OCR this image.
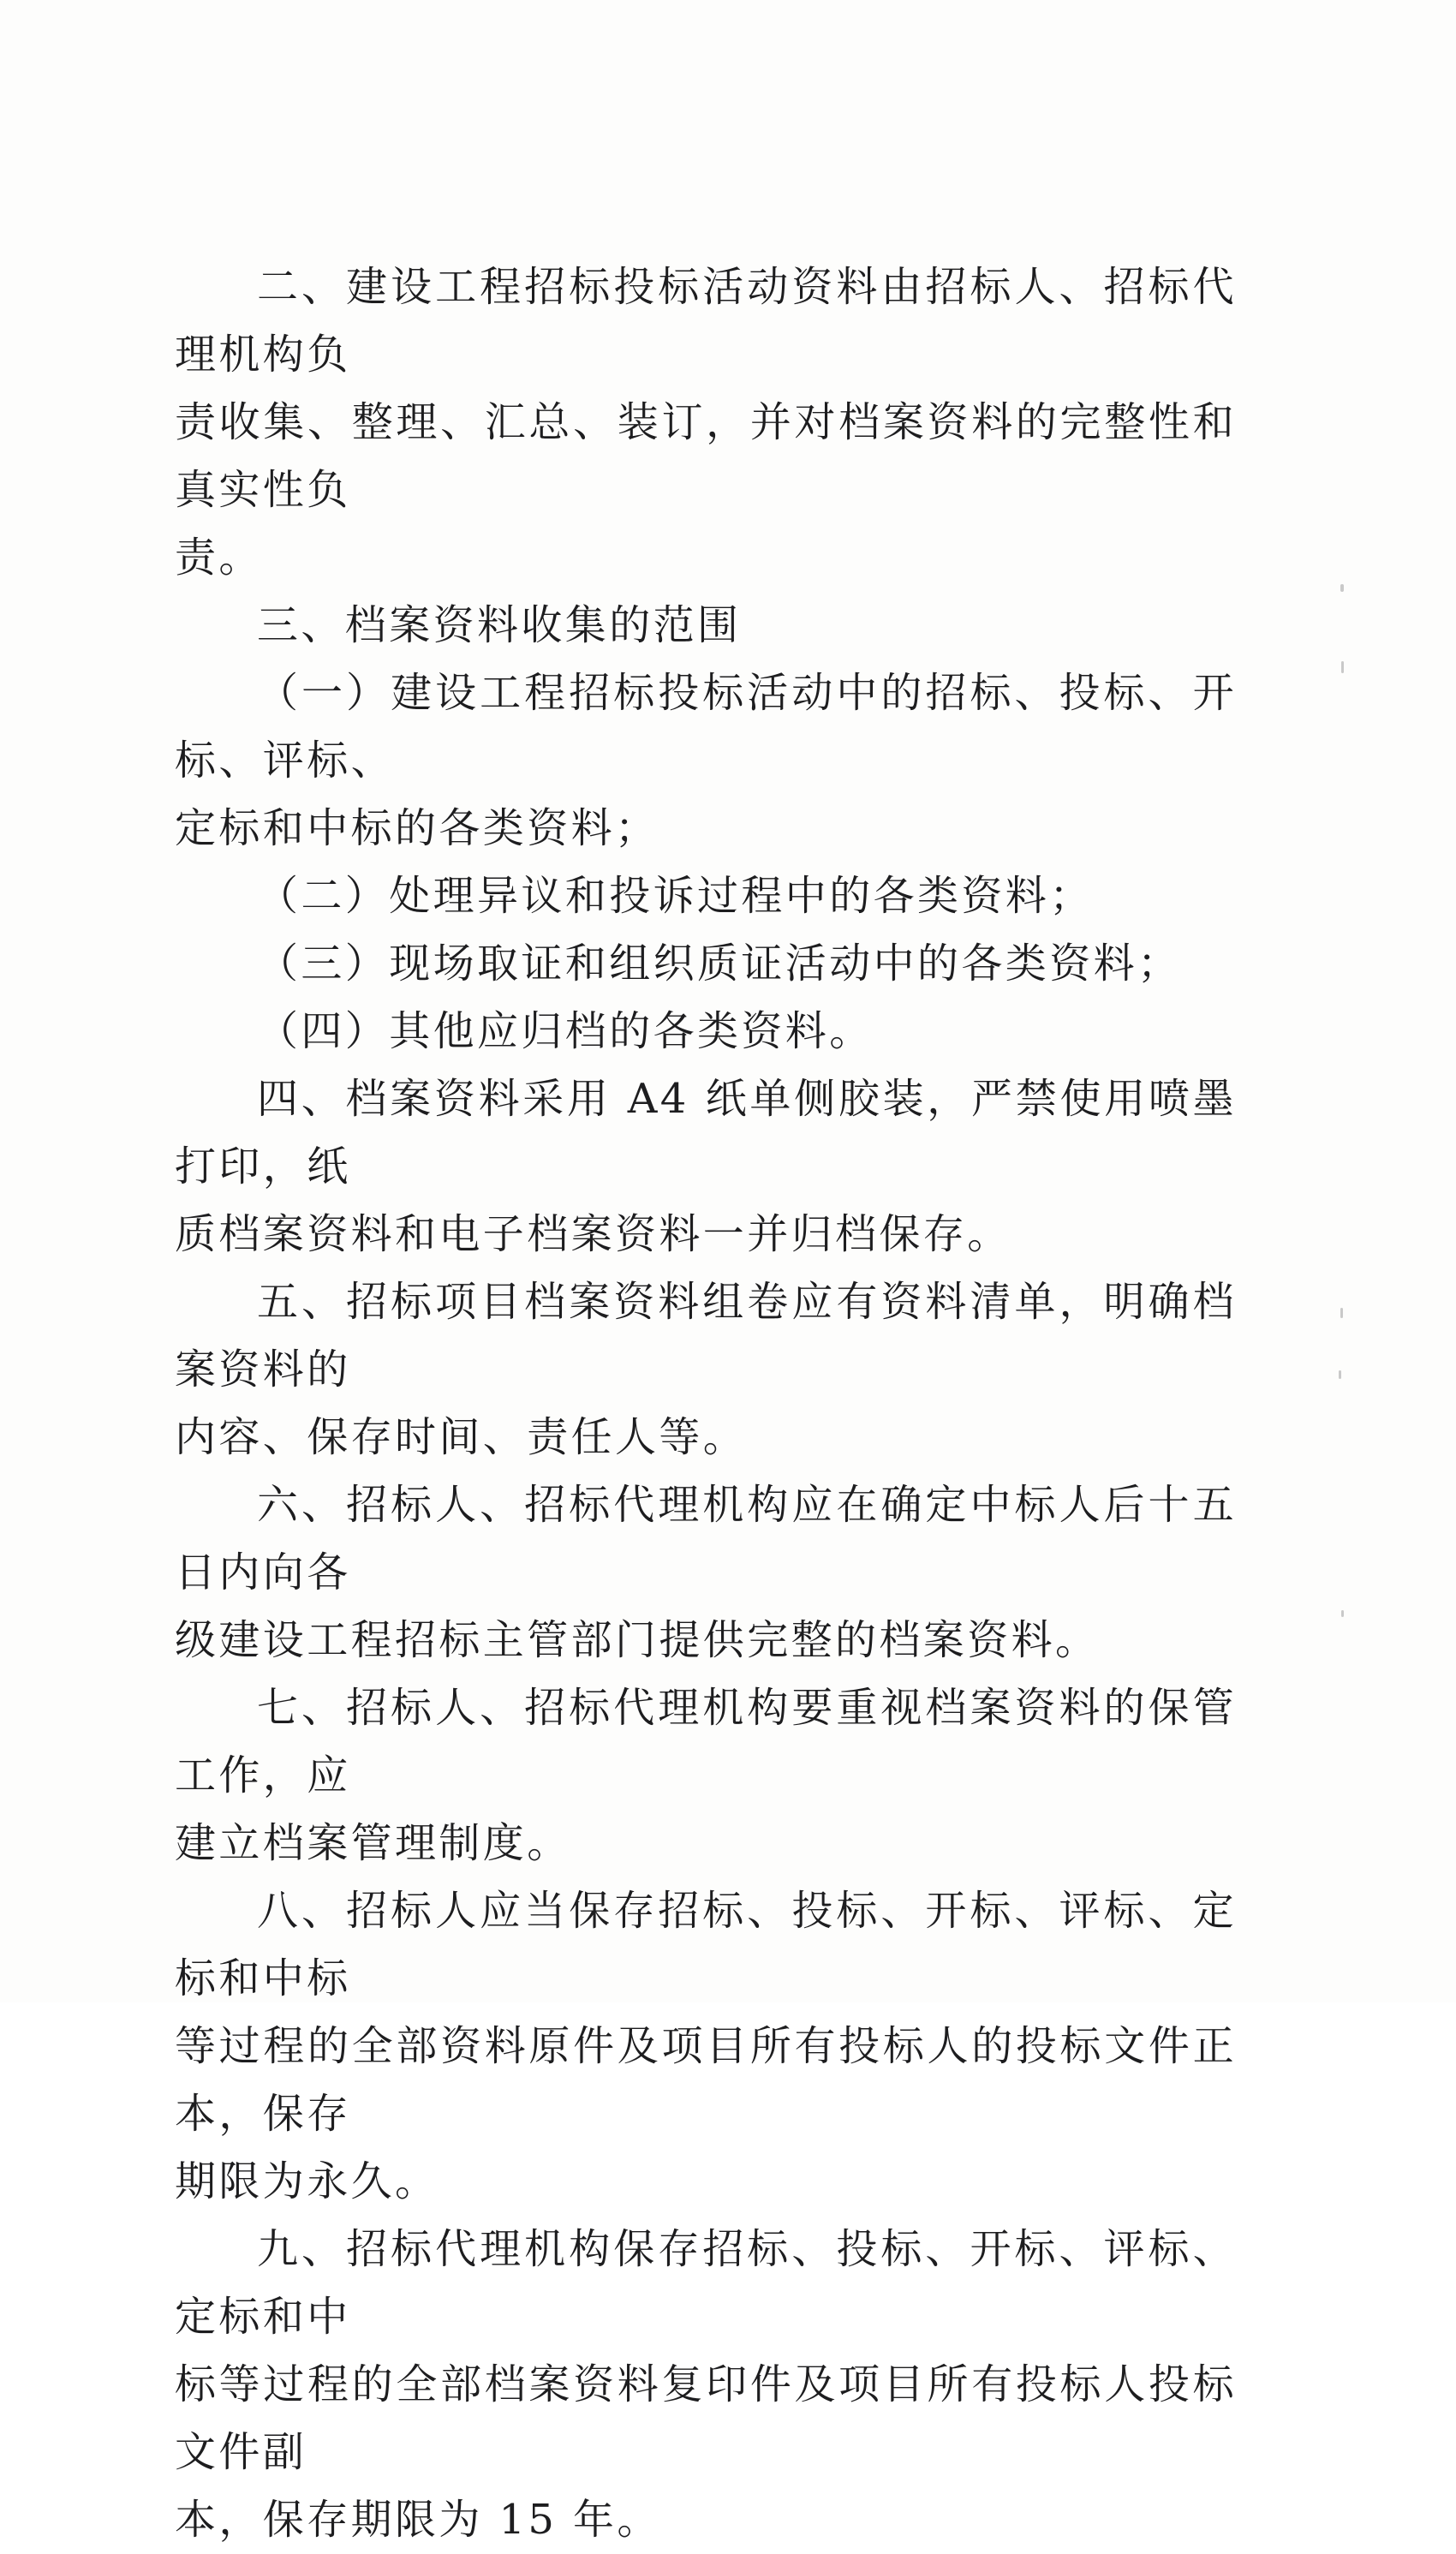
二、建设工程招标投标活动资料由招标人、招标代理机构负
责收集、整理、汇总、装订，并对档案资料的完整性和真实性负
责。

三、档案资料收集的范围

（一）建设工程招标投标活动中的招标、投标、开标、评标、
定标和中标的各类资料；

（二）处理异议和投诉过程中的各类资料；

（三）现场取证和组织质证活动中的各类资料；

（四）其他应归档的各类资料。

四、档案资料采用 A4 纸单侧胶装，严禁使用喷墨打印，纸
质档案资料和电子档案资料一并归档保存。

五、招标项目档案资料组卷应有资料清单，明确档案资料的
内容、保存时间、责任人等。

六、招标人、招标代理机构应在确定中标人后十五日内向各
级建设工程招标主管部门提供完整的档案资料。

七、招标人、招标代理机构要重视档案资料的保管工作，应
建立档案管理制度。

八、招标人应当保存招标、投标、开标、评标、定标和中标
等过程的全部资料原件及项目所有投标人的投标文件正本，保存
期限为永久。

九、招标代理机构保存招标、投标、开标、评标、定标和中
标等过程的全部档案资料复印件及项目所有投标人投标文件副
本，保存期限为 15 年。
